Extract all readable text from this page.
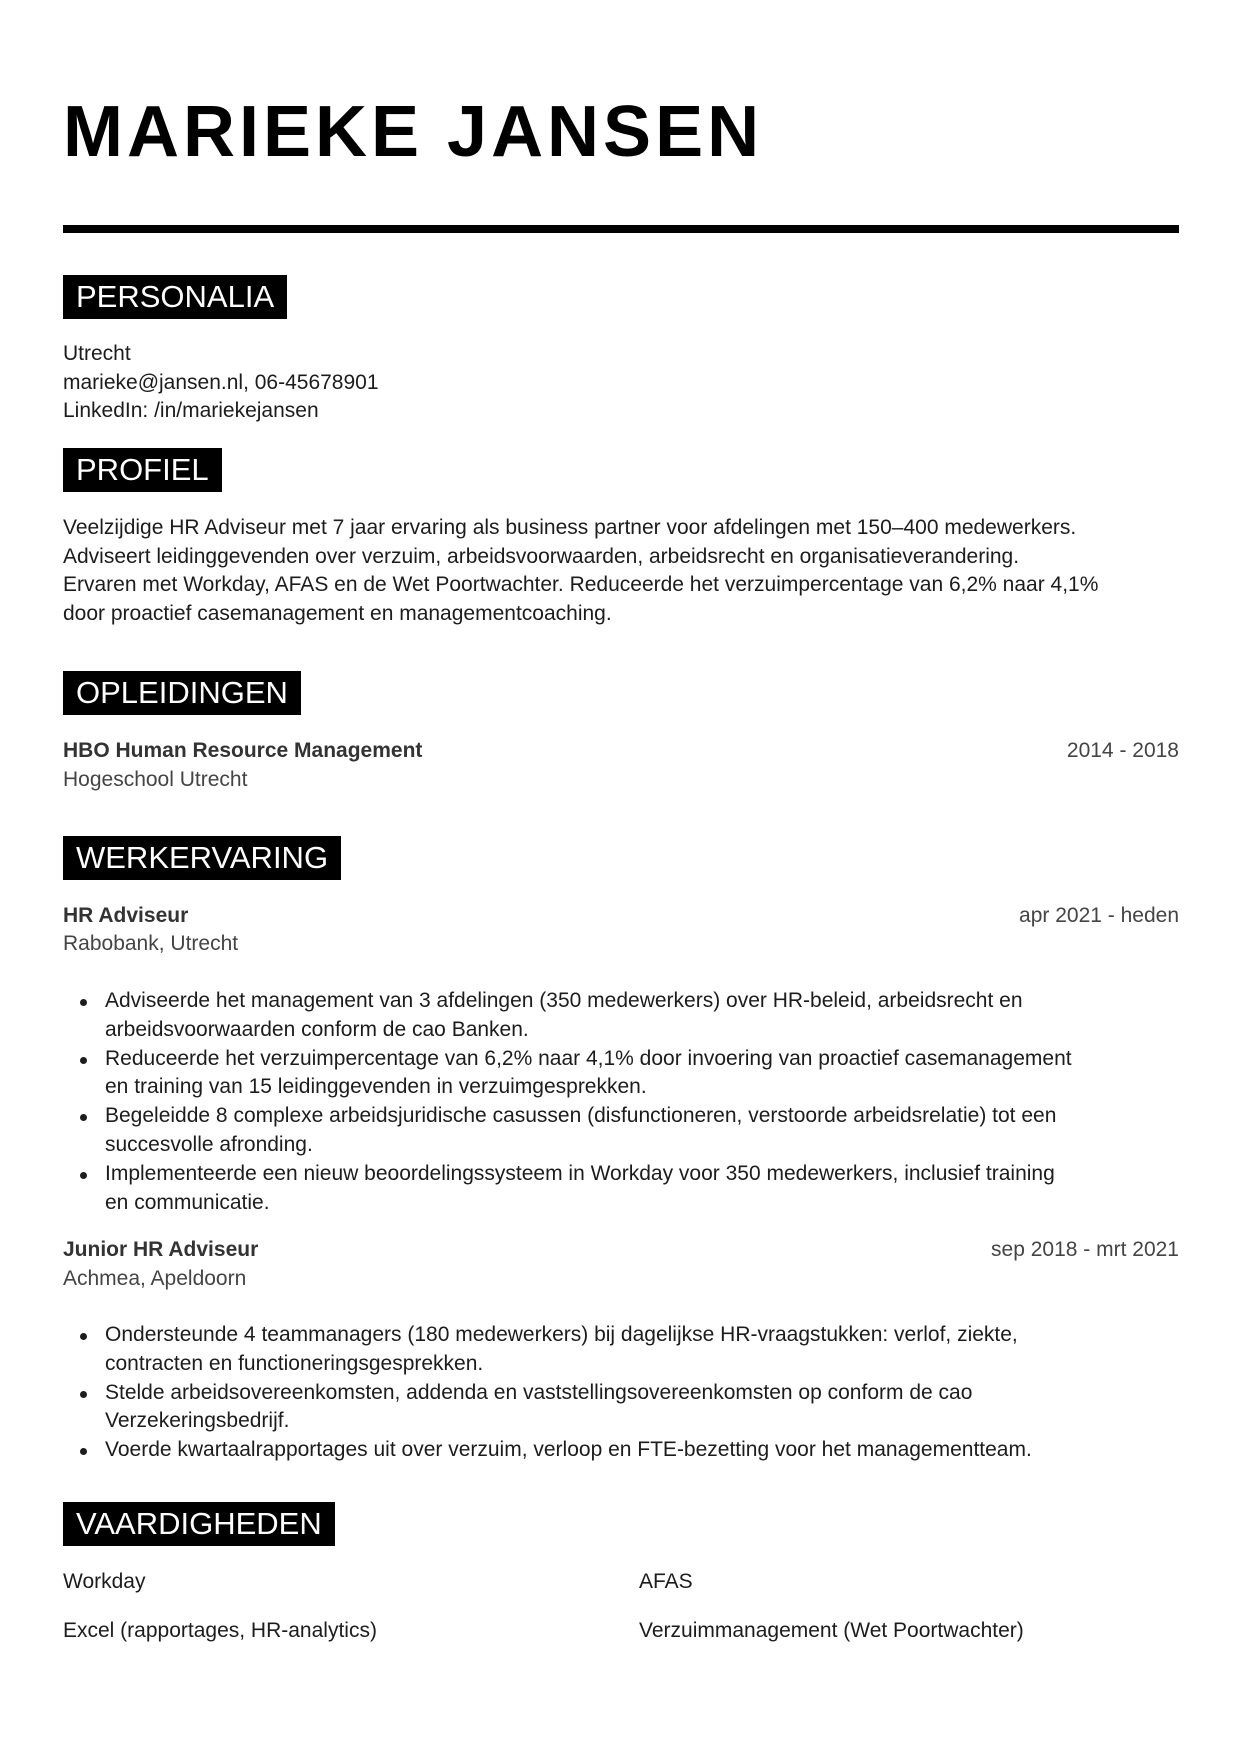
MARIEKE JANSEN
PERSONALIA

Utrecht

marieke@jansen.nl, 06-45678901

LinkedIn: /in/mariekejansen

PROFIEL

Veelzijdige HR Adviseur met 7 jaar ervaring als business partner voor afdelingen met 150–400 medewerkers.

Adviseert leidinggevenden over verzuim, arbeidsvoorwaarden, arbeidsrecht en organisatieverandering.

Ervaren met Workday, AFAS en de Wet Poortwachter. Reduceerde het verzuimpercentage van 6,2% naar 4,1%

door proactief casemanagement en managementcoaching.

OPLEIDINGEN
HBO Human Resource Management	2014 - 2018
Hogeschool Utrecht
WERKERVARING
HR Adviseur	apr 2021 - heden
Rabobank, Utrecht
Adviseerde het management van 3 afdelingen (350 medewerkers) over HR-beleid, arbeidsrecht en
arbeidsvoorwaarden conform de cao Banken.
Reduceerde het verzuimpercentage van 6,2% naar 4,1% door invoering van proactief casemanagement
en training van 15 leidinggevenden in verzuimgesprekken.
Begeleidde 8 complexe arbeidsjuridische casussen (disfunctioneren, verstoorde arbeidsrelatie) tot een
succesvolle afronding.
Implementeerde een nieuw beoordelingssysteem in Workday voor 350 medewerkers, inclusief training
en communicatie.
Junior HR Adviseur	sep 2018 - mrt 2021
Achmea, Apeldoorn
Ondersteunde 4 teammanagers (180 medewerkers) bij dagelijkse HR-vraagstukken: verlof, ziekte,
contracten en functioneringsgesprekken.
Stelde arbeidsovereenkomsten, addenda en vaststellingsovereenkomsten op conform de cao
Verzekeringsbedrijf.
Voerde kwartaalrapportages uit over verzuim, verloop en FTE-bezetting voor het managementteam.
VAARDIGHEDEN
Workday	AFAS
Excel (rapportages, HR-analytics)	Verzuimmanagement (Wet Poortwachter)
